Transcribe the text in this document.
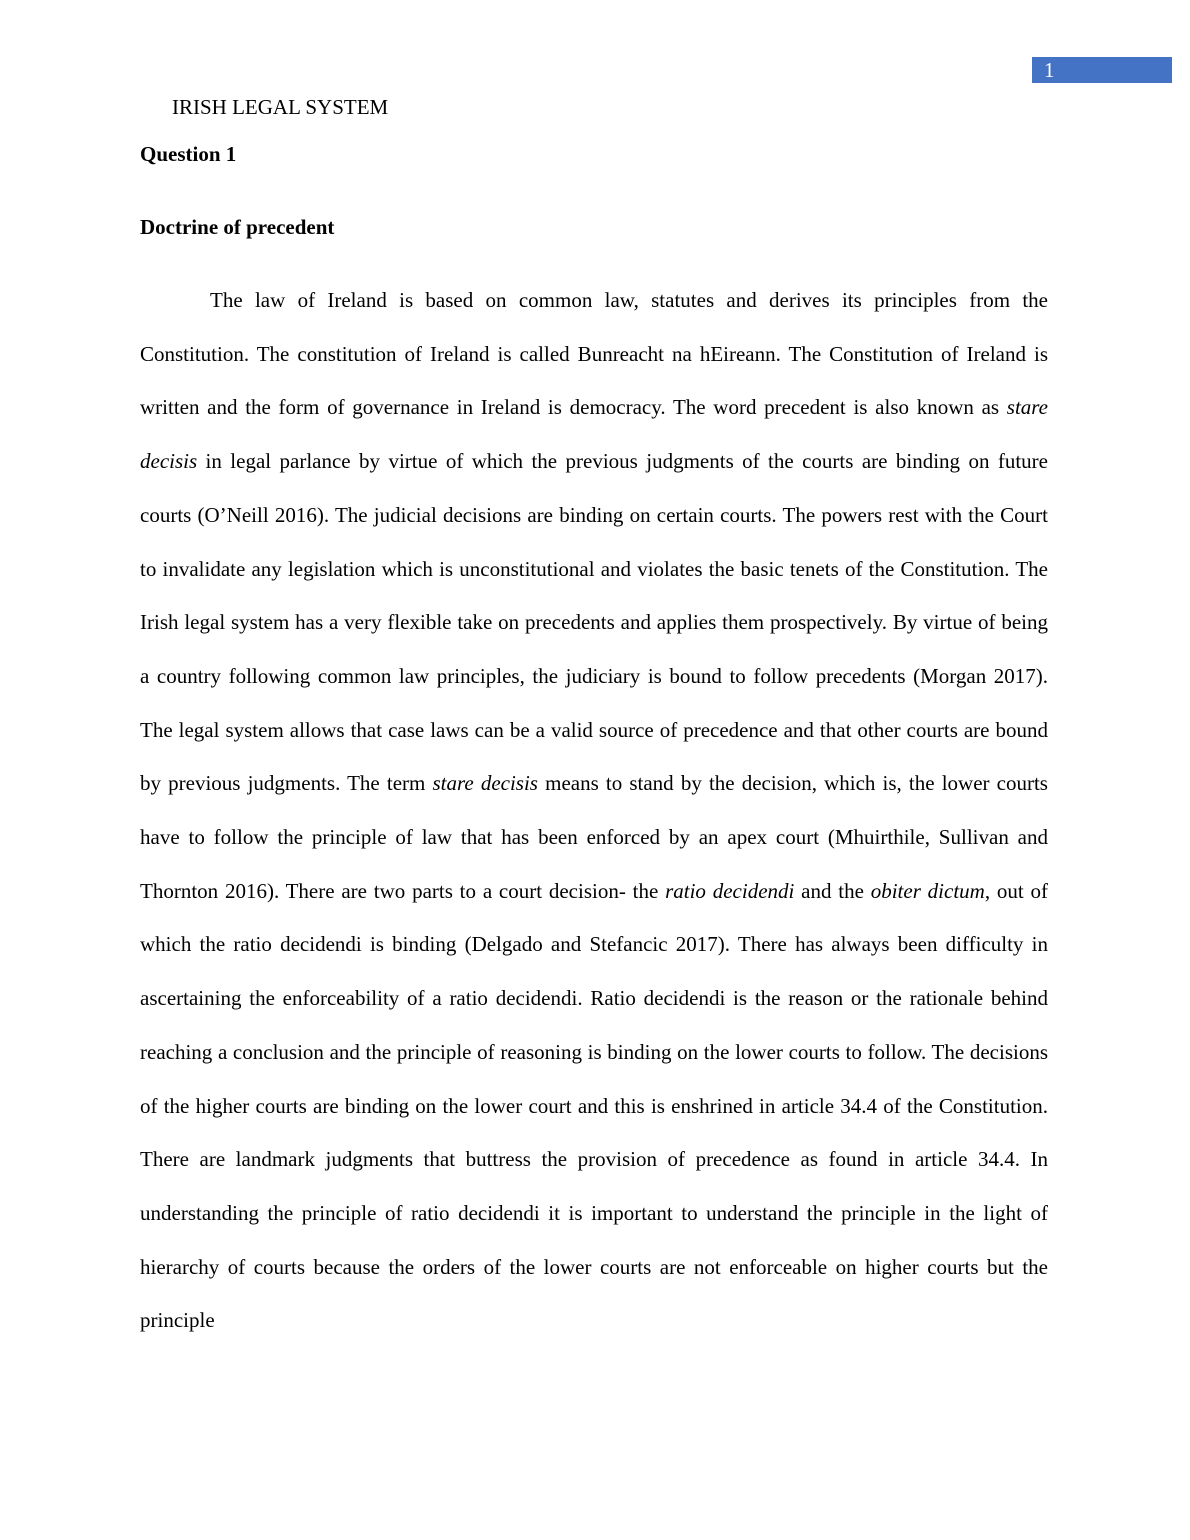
1
IRISH LEGAL SYSTEM
Question 1
Doctrine of precedent

The law of Ireland is based on common law, statutes and derives its principles from the Constitution. The constitution of Ireland is called Bunreacht na hEireann. The Constitution of Ireland is written and the form of governance in Ireland is democracy. The word precedent is also known as stare decisis in legal parlance by virtue of which the previous judgments of the courts are binding on future courts (O’Neill 2016). The judicial decisions are binding on certain courts. The powers rest with the Court to invalidate any legislation which is unconstitutional and violates the basic tenets of the Constitution. The Irish legal system has a very flexible take on precedents and applies them prospectively. By virtue of being a country following common law principles, the judiciary is bound to follow precedents (Morgan 2017). The legal system allows that case laws can be a valid source of precedence and that other courts are bound by previous judgments. The term stare decisis means to stand by the decision, which is, the lower courts have to follow the principle of law that has been enforced by an apex court (Mhuirthile, Sullivan and Thornton 2016). There are two parts to a court decision- the ratio decidendi and the obiter dictum, out of which the ratio decidendi is binding (Delgado and Stefancic 2017). There has always been difficulty in ascertaining the enforceability of a ratio decidendi. Ratio decidendi is the reason or the rationale behind reaching a conclusion and the principle of reasoning is binding on the lower courts to follow. The decisions of the higher courts are binding on the lower court and this is enshrined in article 34.4 of the Constitution. There are landmark judgments that buttress the provision of precedence as found in article 34.4. In understanding the principle of ratio decidendi it is important to understand the principle in the light of hierarchy of courts because the orders of the lower courts are not enforceable on higher courts but the principle
